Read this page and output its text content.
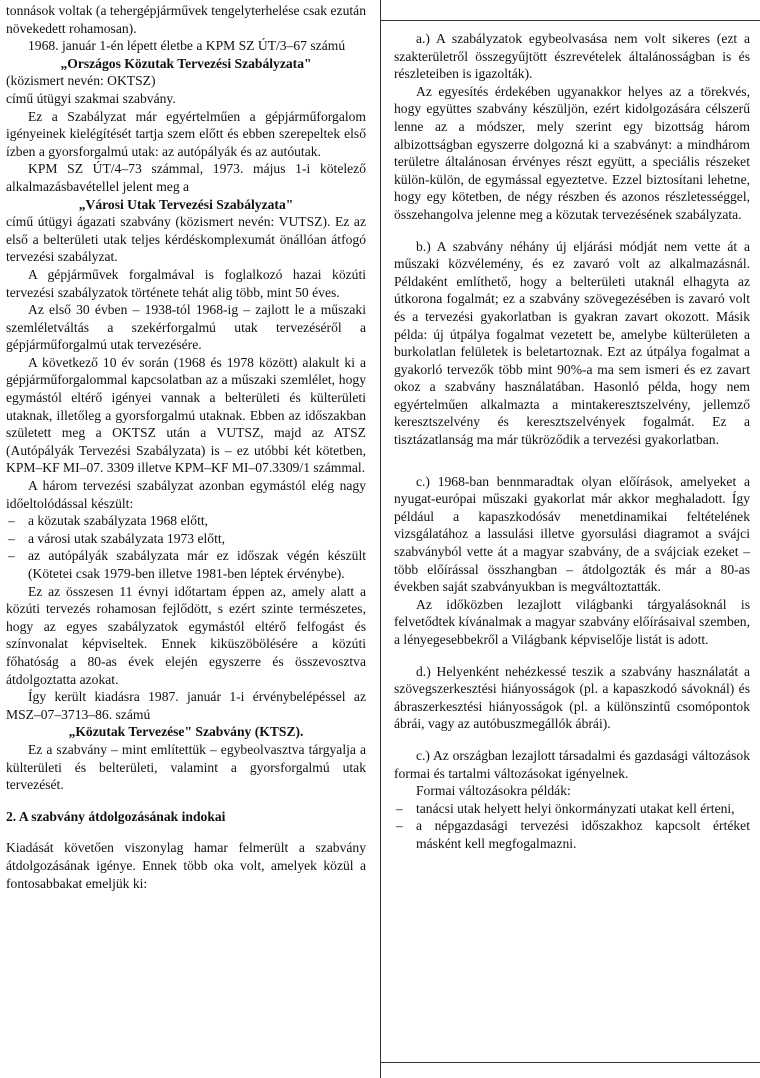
tonnások voltak (a tehergépjárművek tengelyterhelése csak ezután növekedett rohamosan).

1968. január 1-én lépett életbe a KPM SZ ÚT/3–67 számú

„Országos Közutak Tervezési Szabályzata"

(közismert nevén: OKTSZ)

című útügyi szakmai szabvány.

Ez a Szabályzat már egyértelműen a gépjárműforgalom igényeinek kielégítését tartja szem előtt és ebben szerepeltek első ízben a gyorsforgalmú utak: az autópályák és az autóutak.

KPM SZ ÚT/4–73 számmal, 1973. május 1-i kötelező alkalmazásbavétellel jelent meg a

„Városi Utak Tervezési Szabályzata"

című útügyi ágazati szabvány (közismert nevén: VUTSZ). Ez az első a belterületi utak teljes kérdéskomplexumát önállóan átfogó tervezési szabályzat.

A gépjárművek forgalmával is foglalkozó hazai közúti tervezési szabályzatok története tehát alig több, mint 50 éves.

Az első 30 évben – 1938-tól 1968-ig – zajlott le a műszaki szemléletváltás a szekérforgalmú utak tervezéséről a gépjárműforgalmú utak tervezésére.

A következő 10 év során (1968 és 1978 között) alakult ki a gépjárműforgalommal kapcsolatban az a műszaki szemlélet, hogy egymástól eltérő igényei vannak a belterületi és külterületi utaknak, illetőleg a gyorsforgalmú utaknak. Ebben az időszakban született meg a OKTSZ után a VUTSZ, majd az ATSZ (Autópályák Tervezési Szabályzata) is – ez utóbbi két kötetben, KPM–KF MI–07. 3309 illetve KPM–KF MI–07.3309/1 számmal.

A három tervezési szabályzat azonban egymástól elég nagy időeltolódással készült:

– a közutak szabályzata 1968 előtt,
– a városi utak szabályzata 1973 előtt,
– az autópályák szabályzata már ez időszak végén készült (Kötetei csak 1979-ben illetve 1981-ben léptek érvénybe).

Ez az összesen 11 évnyi időtartam éppen az, amely alatt a közúti tervezés rohamosan fejlődött, s ezért szinte természetes, hogy az egyes szabályzatok egymástól eltérő felfogást és színvonalat képviseltek. Ennek kiküszöbölésére a közúti főhatóság a 80-as évek elején egyszerre és összevosztva átdolgoztatta azokat.

Így került kiadásra 1987. január 1-i érvénybelépéssel az MSZ–07–3713–86. számú

„Közutak Tervezése" Szabvány (KTSZ).

Ez a szabvány – mint említettük – egybeolvasztva tárgyalja a külterületi és belterületi, valamint a gyorsforgalmú utak tervezését.

2. A szabvány átdolgozásának indokai

Kiadását követően viszonylag hamar felmerült a szabvány átdolgozásának igénye. Ennek több oka volt, amelyek közül a fontosabbakat emeljük ki:

a.) A szabályzatok egybeolvasása nem volt sikeres (ezt a szakterületről összegyűjtött észrevételek általánosságban is és részleteiben is igazolták).

Az egyesítés érdekében ugyanakkor helyes az a törekvés, hogy együttes szabvány készüljön, ezért kidolgozására célszerű lenne az a módszer, mely szerint egy bizottság három albizottságban egyszerre dolgozná ki a szabványt: a mindhárom területre általánosan érvényes részt együtt, a speciális részeket külön-külön, de egymással egyeztetve. Ezzel biztosítani lehetne, hogy egy kötetben, de négy részben és azonos részletességgel, összehangolva jelenne meg a közutak tervezésének szabályzata.

b.) A szabvány néhány új eljárási módját nem vette át a műszaki közvélemény, és ez zavaró volt az alkalmazásnál. Példaként említhető, hogy a belterületi utaknál elhagyta az útkorona fogalmát; ez a szabvány szövegezésében is zavaró volt és a tervezési gyakorlatban is gyakran zavart okozott. Másik példa: új útpálya fogalmat vezetett be, amelybe külterületen a burkolatlan felületek is beletartoznak. Ezt az útpálya fogalmat a gyakorló tervezők több mint 90%-a ma sem ismeri és ez zavart okoz a szabvány használatában. Hasonló példa, hogy nem egyértelműen alkalmazta a mintakeresztszelvény, jellemző keresztszelvény és keresztszelvények fogalmát. Ez a tisztázatlanság ma már tükröződik a tervezési gyakorlatban.

c.) 1968-ban bennmaradtak olyan előírások, amelyeket a nyugat-európai műszaki gyakorlat már akkor meghaladott. Így például a kapaszkodósáv menetdinamikai feltételének vizsgálatához a lassulási illetve gyorsulási diagramot a svájci szabványból vette át a magyar szabvány, de a svájciak ezeket – több előírással összhangban – átdolgozták és már a 80-as években saját szabványukban is megváltoztatták.

Az időközben lezajlott világbanki tárgyalásoknál is felvetődtek kívánalmak a magyar szabvány előírásaival szemben, a lényegesebbekről a Világbank képviselője listát is adott.

d.) Helyenként nehézkessé teszik a szabvány használatát a szövegszerkesztési hiányosságok (pl. a kapaszkodó sávoknál) és ábraszerkesztési hiányosságok (pl. a különszintű csomópontok ábrái, vagy az autóbuszmegállók ábrái).

c.) Az országban lezajlott társadalmi és gazdasági változások formai és tartalmi változásokat igényelnek.

Formai változásokra példák:

– tanácsi utak helyett helyi önkormányzati utakat kell érteni,
– a népgazdasági tervezési időszakhoz kapcsolt értéket másként kell megfogalmazni.
